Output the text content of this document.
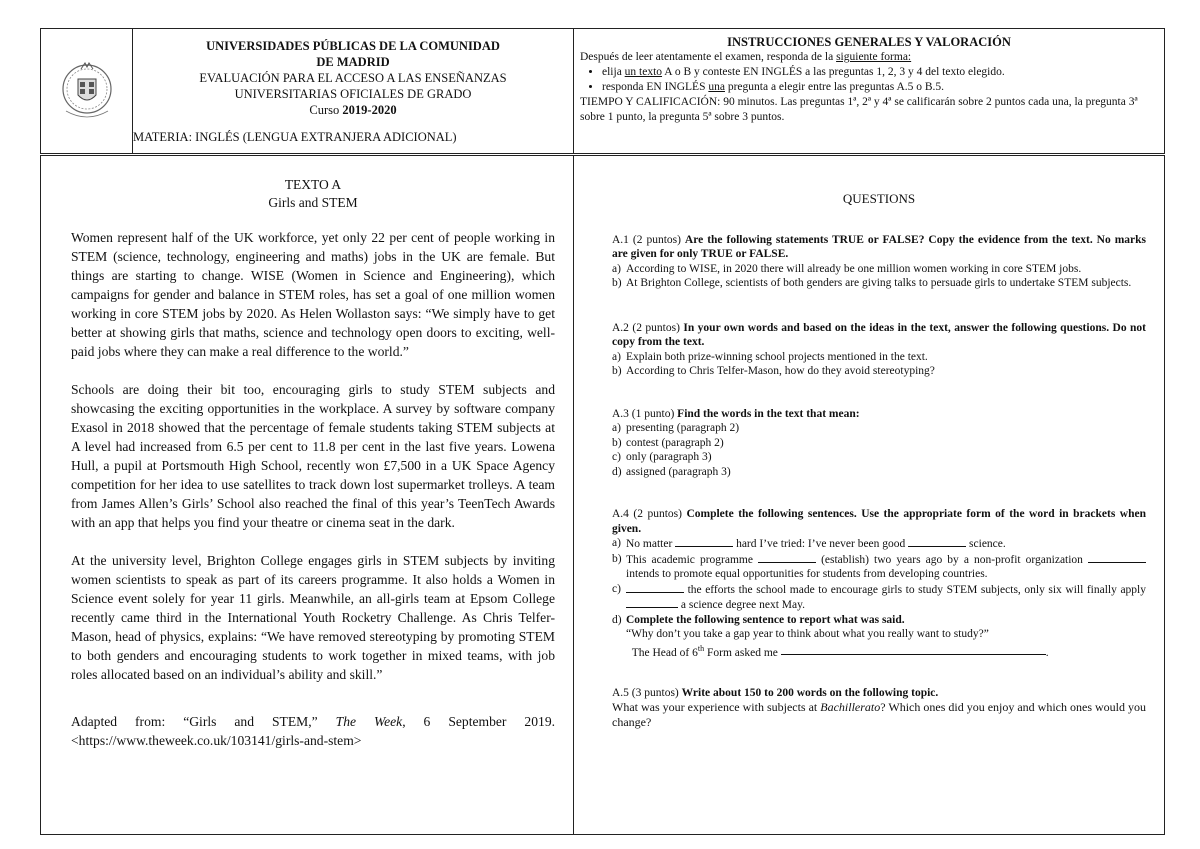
UNIVERSIDADES PÚBLICAS DE LA COMUNIDAD
DE MADRID
EVALUACIÓN PARA EL ACCESO A LAS ENSEÑANZAS
UNIVERSITARIAS OFICIALES DE GRADO
Curso 2019-2020
MATERIA: INGLÉS (LENGUA EXTRANJERA ADICIONAL)
INSTRUCCIONES GENERALES Y VALORACIÓN
Después de leer atentamente el examen, responda de la siguiente forma:
• elija un texto A o B y conteste EN INGLÉS a las preguntas 1, 2, 3 y 4 del texto elegido.
• responda EN INGLÉS una pregunta a elegir entre las preguntas A.5 o B.5.
TIEMPO Y CALIFICACIÓN: 90 minutos. Las preguntas 1ª, 2ª y 4ª se calificarán sobre 2 puntos cada una, la pregunta 3ª sobre 1 punto, la pregunta 5ª sobre 3 puntos.
TEXTO A
Girls and STEM

Women represent half of the UK workforce, yet only 22 per cent of people working in STEM (science, technology, engineering and maths) jobs in the UK are female. But things are starting to change. WISE (Women in Science and Engineering), which campaigns for gender and balance in STEM roles, has set a goal of one million women working in core STEM jobs by 2020. As Helen Wollaston says: “We simply have to get better at showing girls that maths, science and technology open doors to exciting, well-paid jobs where they can make a real difference to the world.”

Schools are doing their bit too, encouraging girls to study STEM subjects and showcasing the exciting opportunities in the workplace. A survey by software company Exasol in 2018 showed that the percentage of female students taking STEM subjects at A level had increased from 6.5 per cent to 11.8 per cent in the last five years. Lowena Hull, a pupil at Portsmouth High School, recently won £7,500 in a UK Space Agency competition for her idea to use satellites to track down lost supermarket trolleys. A team from James Allen’s Girls’ School also reached the final of this year’s TeenTech Awards with an app that helps you find your theatre or cinema seat in the dark.

At the university level, Brighton College engages girls in STEM subjects by inviting women scientists to speak as part of its careers programme. It also holds a Women in Science event solely for year 11 girls. Meanwhile, an all-girls team at Epsom College recently came third in the International Youth Rocketry Challenge. As Chris Telfer-Mason, head of physics, explains: “We have removed stereotyping by promoting STEM to both genders and encouraging students to work together in mixed teams, with job roles allocated based on an individual’s ability and skill.”

Adapted from: “Girls and STEM,” The Week, 6 September 2019. <https://www.theweek.co.uk/103141/girls-and-stem>
QUESTIONS

A.1 (2 puntos) Are the following statements TRUE or FALSE? Copy the evidence from the text. No marks are given for only TRUE or FALSE.

a) According to WISE, in 2020 there will already be one million women working in core STEM jobs.
b) At Brighton College, scientists of both genders are giving talks to persuade girls to undertake STEM subjects.

A.2 (2 puntos) In your own words and based on the ideas in the text, answer the following questions. Do not copy from the text.

a) Explain both prize-winning school projects mentioned in the text.
b) According to Chris Telfer-Mason, how do they avoid stereotyping?

A.3 (1 punto) Find the words in the text that mean:

a) presenting (paragraph 2)
b) contest (paragraph 2)
c) only (paragraph 3)
d) assigned (paragraph 3)

A.4 (2 puntos) Complete the following sentences. Use the appropriate form of the word in brackets when given.

a) No matter	hard I’ve tried: I’ve never been good	science.
b) This academic programme	(establish) two years ago by a non-profit organization  intends to promote equal opportunities for students from developing countries.
c)	the efforts the school made to encourage girls to study STEM subjects, only six will finally apply  a science degree next May.
d) Complete the following sentence to report what was said.
“Why don’t you take a gap year to think about what you really want to study?”
The Head of 6th Form asked me	.

A.5 (3 puntos) Write about 150 to 200 words on the following topic.

What was your experience with subjects at Bachillerato? Which ones did you enjoy and which ones would you change?
